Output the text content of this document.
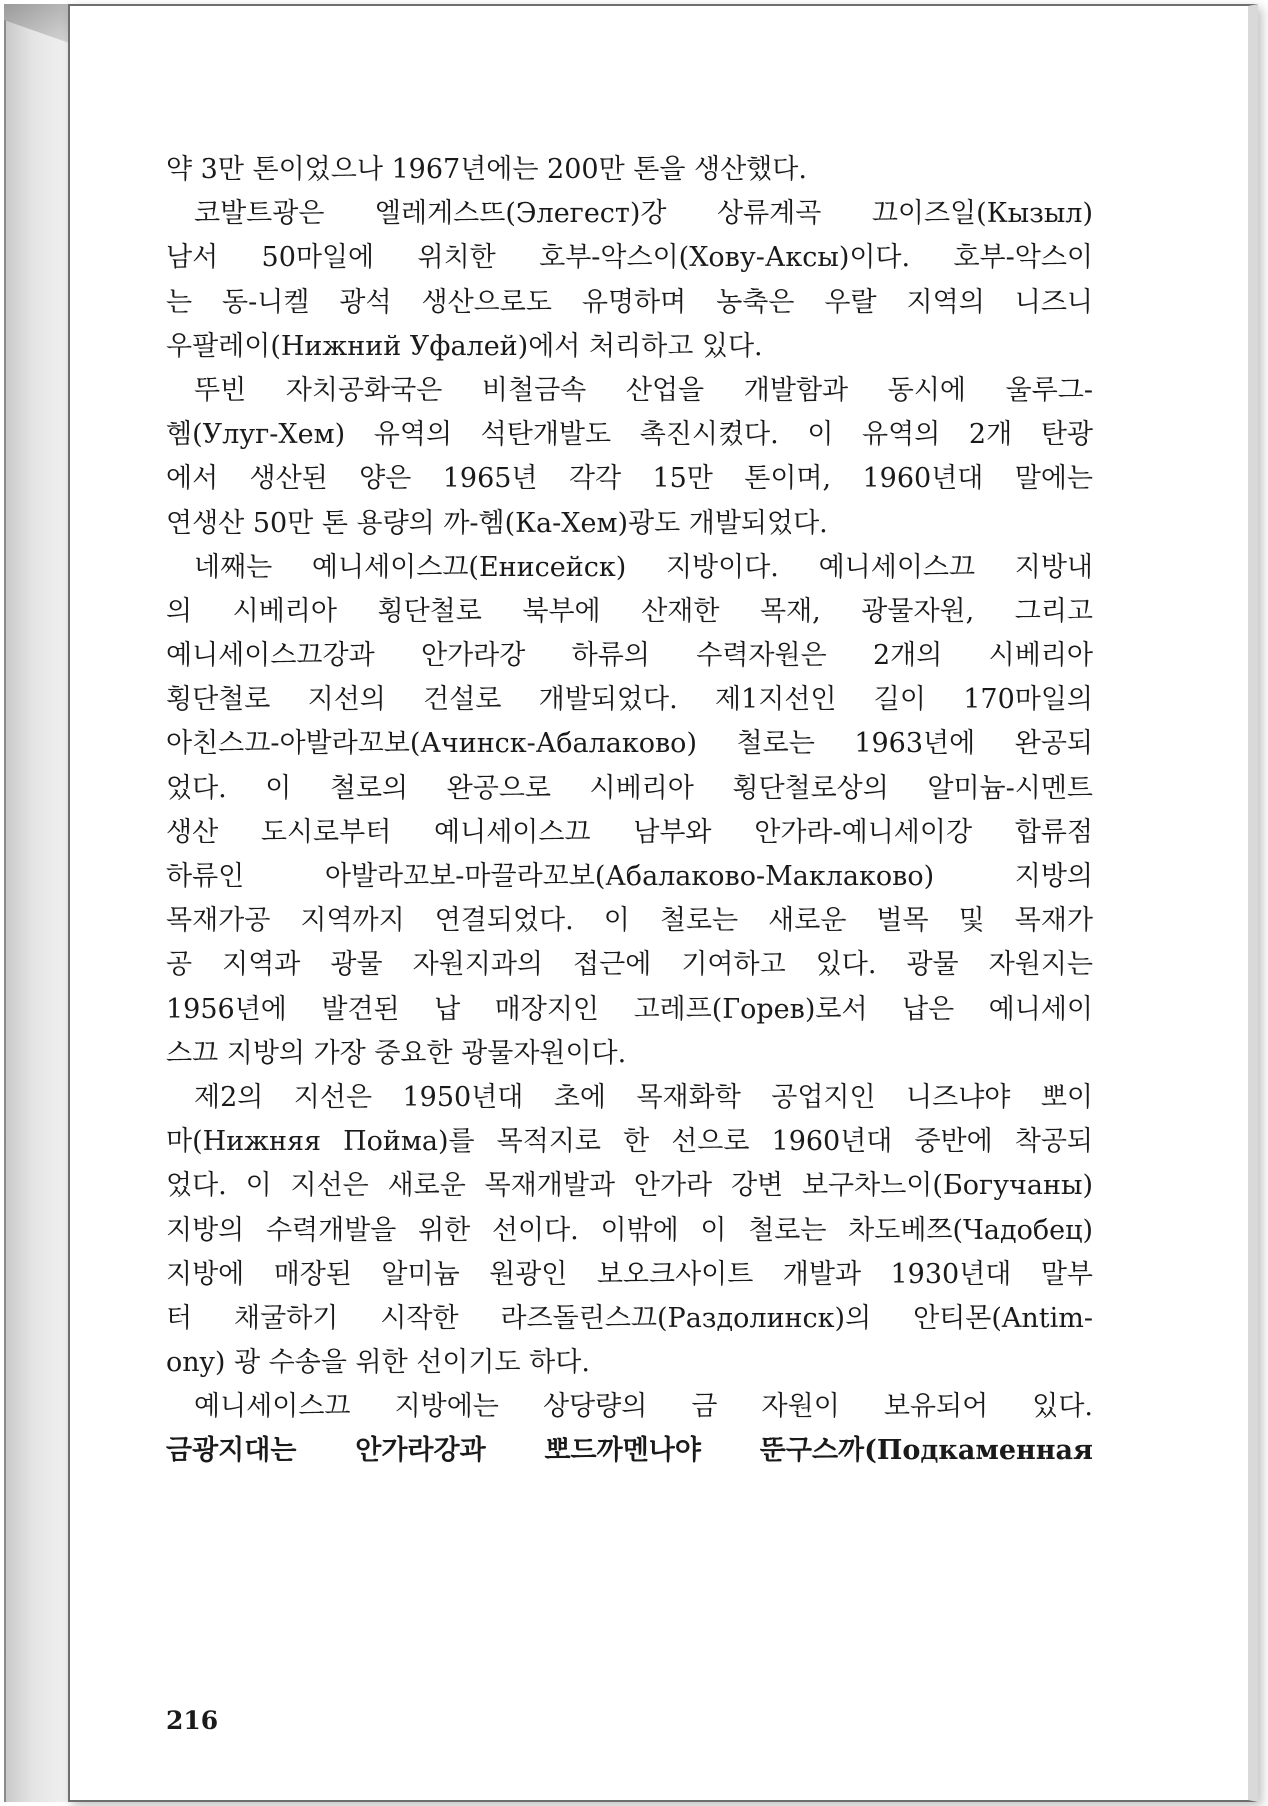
약 3만 톤이었으나 1967년에는 200만 톤을 생산했다.
코발트광은 엘레게스뜨(Элегест)강 상류계곡 끄이즈일(Кызыл)
남서 50마일에 위치한 호부-악스이(Хову-Аксы)이다. 호부-악스이
는 동-니켈 광석 생산으로도 유명하며 농축은 우랄 지역의 니즈니
우팔레이(Нижний Уфалей)에서 처리하고 있다.
뚜빈 자치공화국은 비철금속 산업을 개발함과 동시에 울루그-
헴(Улуг-Хем) 유역의 석탄개발도 촉진시켰다. 이 유역의 2개 탄광
에서 생산된 양은 1965년 각각 15만 톤이며, 1960년대 말에는
연생산 50만 톤 용량의 까-헴(Ка-Хем)광도 개발되었다.
네째는 예니세이스끄(Енисейск) 지방이다. 예니세이스끄 지방내
의 시베리아 횡단철로 북부에 산재한 목재, 광물자원, 그리고
예니세이스끄강과 안가라강 하류의 수력자원은 2개의 시베리아
횡단철로 지선의 건설로 개발되었다. 제1지선인 길이 170마일의
아친스끄-아발라꼬보(Ачинск-Абалаково) 철로는 1963년에 완공되
었다. 이 철로의 완공으로 시베리아 횡단철로상의 알미늄-시멘트
생산 도시로부터 예니세이스끄 남부와 안가라-예니세이강 합류점
하류인 아발라꼬보-마끌라꼬보(Абалаково-Маклаково) 지방의
목재가공 지역까지 연결되었다. 이 철로는 새로운 벌목 및 목재가
공 지역과 광물 자원지과의 접근에 기여하고 있다. 광물 자원지는
1956년에 발견된 납 매장지인 고레프(Горев)로서 납은 예니세이
스끄 지방의 가장 중요한 광물자원이다.
제2의 지선은 1950년대 초에 목재화학 공업지인 니즈냐야 뽀이
마(Нижняя Пойма)를 목적지로 한 선으로 1960년대 중반에 착공되
었다. 이 지선은 새로운 목재개발과 안가라 강변 보구차느이(Богучаны)
지방의 수력개발을 위한 선이다. 이밖에 이 철로는 차도베쯔(Чадобец)
지방에 매장된 알미늄 원광인 보오크사이트 개발과 1930년대 말부
터 채굴하기 시작한 라즈돌린스끄(Раздолинск)의 안티몬(Antim-
ony) 광 수송을 위한 선이기도 하다.
예니세이스끄 지방에는 상당량의 금 자원이 보유되어 있다.
금광지대는 안가라강과 뽀드까멘나야 뚠구스까(Подкаменная
216
